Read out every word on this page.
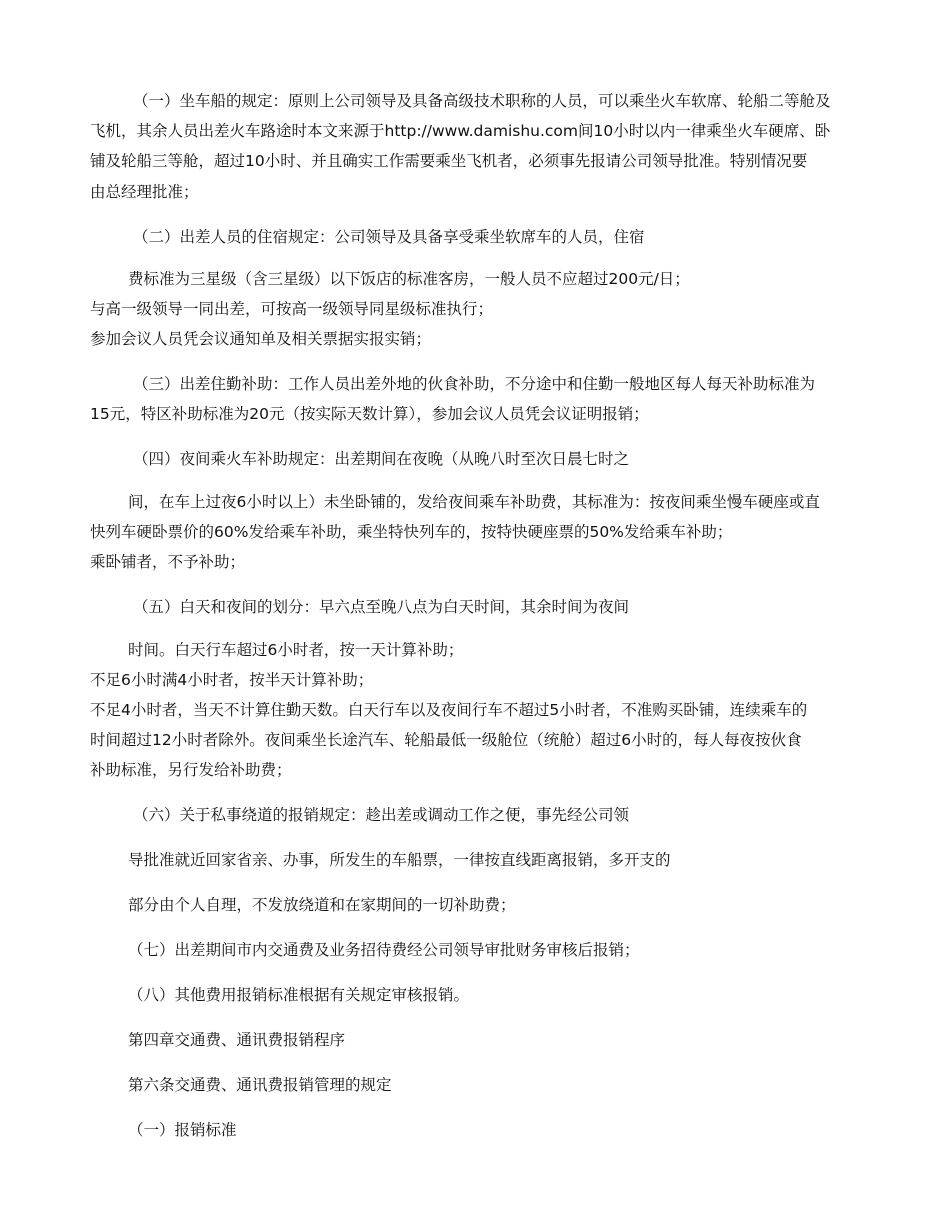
（一）坐车船的规定：原则上公司领导及具备高级技术职称的人员，可以乘坐火车软席、轮船二等舱及

飞机，其余人员出差火车路途时本文来源于http://www.damishu.com间10小时以内一律乘坐火车硬席、卧

铺及轮船三等舱，超过10小时、并且确实工作需要乘坐飞机者，必须事先报请公司领导批准。特别情况要

由总经理批准；

（二）出差人员的住宿规定：公司领导及具备享受乘坐软席车的人员，住宿

费标准为三星级（含三星级）以下饭店的标准客房，一般人员不应超过200元/日；

与高一级领导一同出差，可按高一级领导同星级标准执行；

参加会议人员凭会议通知单及相关票据实报实销；

（三）出差住勤补助：工作人员出差外地的伙食补助，不分途中和住勤一般地区每人每天补助标准为

15元，特区补助标准为20元（按实际天数计算），参加会议人员凭会议证明报销；

（四）夜间乘火车补助规定：出差期间在夜晚（从晚八时至次日晨七时之

间，在车上过夜6小时以上）未坐卧铺的，发给夜间乘车补助费，其标准为：按夜间乘坐慢车硬座或直

快列车硬卧票价的60%发给乘车补助，乘坐特快列车的，按特快硬座票的50%发给乘车补助；

乘卧铺者，不予补助；

（五）白天和夜间的划分：早六点至晚八点为白天时间，其余时间为夜间

时间。白天行车超过6小时者，按一天计算补助；

不足6小时满4小时者，按半天计算补助；

不足4小时者，当天不计算住勤天数。白天行车以及夜间行车不超过5小时者，不准购买卧铺，连续乘车的

时间超过12小时者除外。夜间乘坐长途汽车、轮船最低一级舱位（统舱）超过6小时的，每人每夜按伙食

补助标准，另行发给补助费；

（六）关于私事绕道的报销规定：趁出差或调动工作之便，事先经公司领

导批准就近回家省亲、办事，所发生的车船票，一律按直线距离报销，多开支的

部分由个人自理，不发放绕道和在家期间的一切补助费；

（七）出差期间市内交通费及业务招待费经公司领导审批财务审核后报销；

（八）其他费用报销标准根据有关规定审核报销。

第四章交通费、通讯费报销程序

第六条交通费、通讯费报销管理的规定

（一）报销标准
